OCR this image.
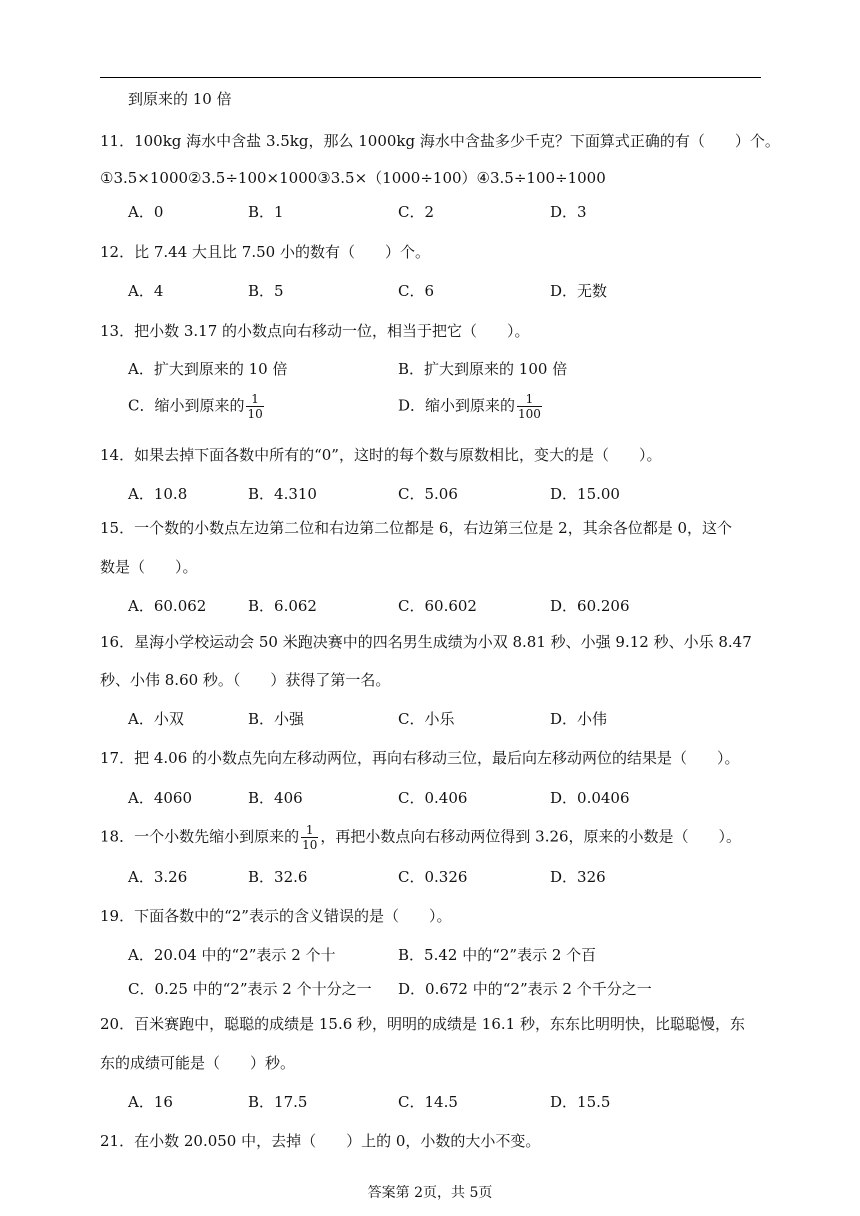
到原来的 10 倍
11．100kg 海水中含盐 3.5kg，那么 1000kg 海水中含盐多少千克？下面算式正确的有（　　）个。
①3.5×1000②3.5÷100×1000③3.5×（1000÷100）④3.5÷100÷1000
A．0	B．1	C．2	D．3
12．比 7.44 大且比 7.50 小的数有（　　）个。
A．4	B．5	C．6	D．无数
13．把小数 3.17 的小数点向右移动一位，相当于把它（　　）。
A．扩大到原来的 10 倍	B．扩大到原来的 100 倍
C．缩小到原来的 $\frac{1}{10}$	D．缩小到原来的 $\frac{1}{100}$
14．如果去掉下面各数中所有的“0”，这时的每个数与原数相比，变大的是（　　）。
A．10.8	B．4.310	C．5.06	D．15.00
15．一个数的小数点左边第二位和右边第二位都是 6，右边第三位是 2，其余各位都是 0，这个
数是（　　）。
A．60.062	B．6.062	C．60.602	D．60.206
16．星海小学校运动会 50 米跑决赛中的四名男生成绩为小双 8.81 秒、小强 9.12 秒、小乐 8.47
秒、小伟 8.60 秒。（　　）获得了第一名。
A．小双	B．小强	C．小乐	D．小伟
17．把 4.06 的小数点先向左移动两位，再向右移动三位，最后向左移动两位的结果是（　　）。
A．4060	B．406	C．0.406	D．0.0406
18．一个小数先缩小到原来的 $\frac{1}{10}$ ，再把小数点向右移动两位得到 3.26，原来的小数是（　　）。
A．3.26	B．32.6	C．0.326	D．326
19．下面各数中的“2”表示的含义错误的是（　　）。
A．20.04 中的“2”表示 2 个十	B．5.42 中的“2”表示 2 个百
C．0.25 中的“2”表示 2 个十分之一 D．0.672 中的“2”表示 2 个千分之一
20．百米赛跑中，聪聪的成绩是 15.6 秒，明明的成绩是 16.1 秒，东东比明明快，比聪聪慢，东
东的成绩可能是（　　）秒。
A．16	B．17.5	C．14.5	D．15.5
21．在小数 20.050 中，去掉（　　）上的 0，小数的大小不变。
答案第 2页，共 5页
